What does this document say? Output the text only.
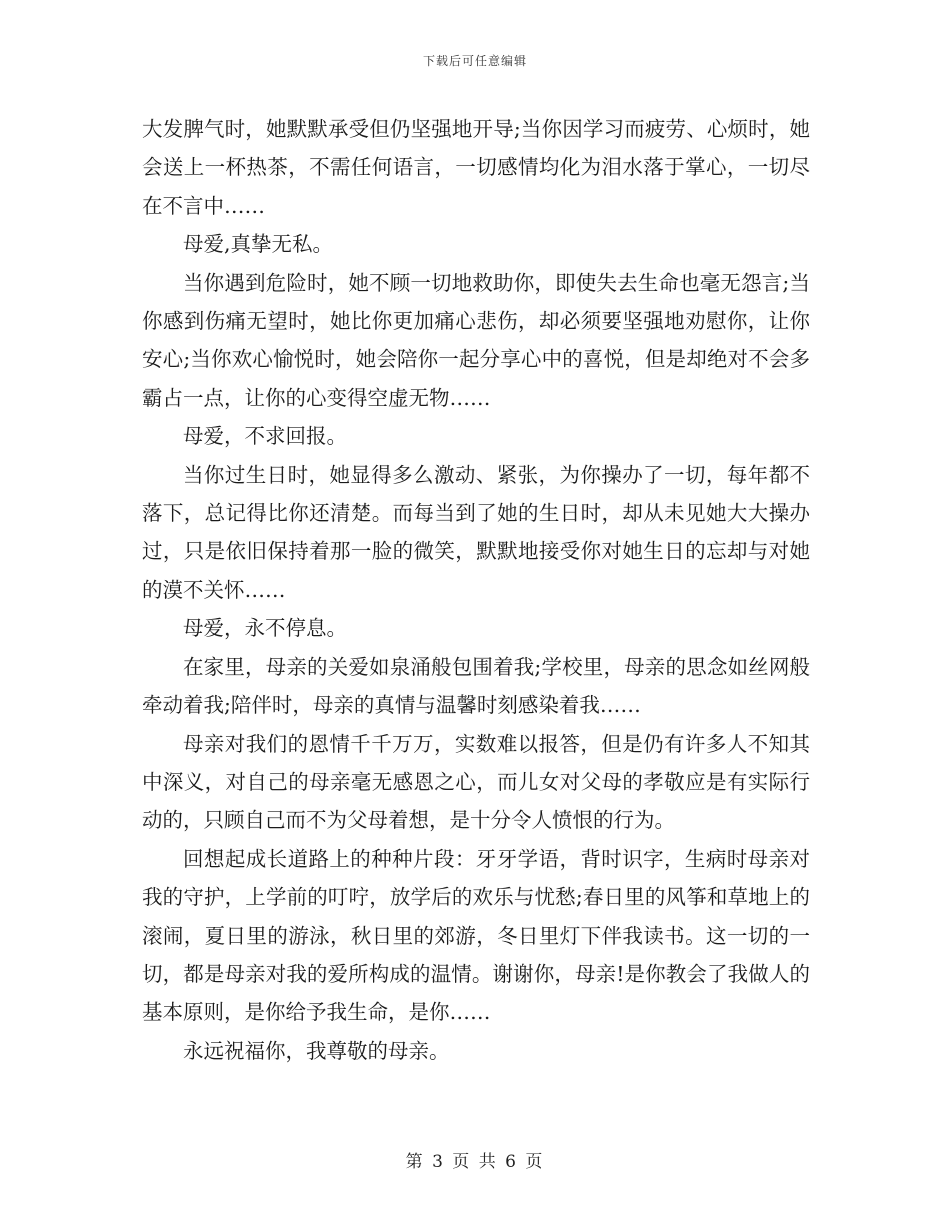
下载后可任意编辑

大发脾气时，她默默承受但仍坚强地开导;当你因学习而疲劳、心烦时，她会送上一杯热茶，不需任何语言，一切感情均化为泪水落于掌心，一切尽在不言中……

母爱,真挚无私。

当你遇到危险时，她不顾一切地救助你，即使失去生命也毫无怨言;当你感到伤痛无望时，她比你更加痛心悲伤，却必须要坚强地劝慰你，让你安心;当你欢心愉悦时，她会陪你一起分享心中的喜悦，但是却绝对不会多霸占一点，让你的心变得空虚无物……

母爱，不求回报。

当你过生日时，她显得多么激动、紧张，为你操办了一切，每年都不落下，总记得比你还清楚。而每当到了她的生日时，却从未见她大大操办过，只是依旧保持着那一脸的微笑，默默地接受你对她生日的忘却与对她的漠不关怀……

母爱，永不停息。

在家里，母亲的关爱如泉涌般包围着我;学校里，母亲的思念如丝网般牵动着我;陪伴时，母亲的真情与温馨时刻感染着我……

母亲对我们的恩情千千万万，实数难以报答，但是仍有许多人不知其中深义，对自己的母亲毫无感恩之心，而儿女对父母的孝敬应是有实际行动的，只顾自己而不为父母着想，是十分令人愤恨的行为。

回想起成长道路上的种种片段：牙牙学语，背时识字，生病时母亲对我的守护，上学前的叮咛，放学后的欢乐与忧愁;春日里的风筝和草地上的滚闹，夏日里的游泳，秋日里的郊游，冬日里灯下伴我读书。这一切的一切，都是母亲对我的爱所构成的温情。谢谢你，母亲!是你教会了我做人的基本原则，是你给予我生命，是你……

永远祝福你，我尊敬的母亲。

第 3 页 共 6 页
